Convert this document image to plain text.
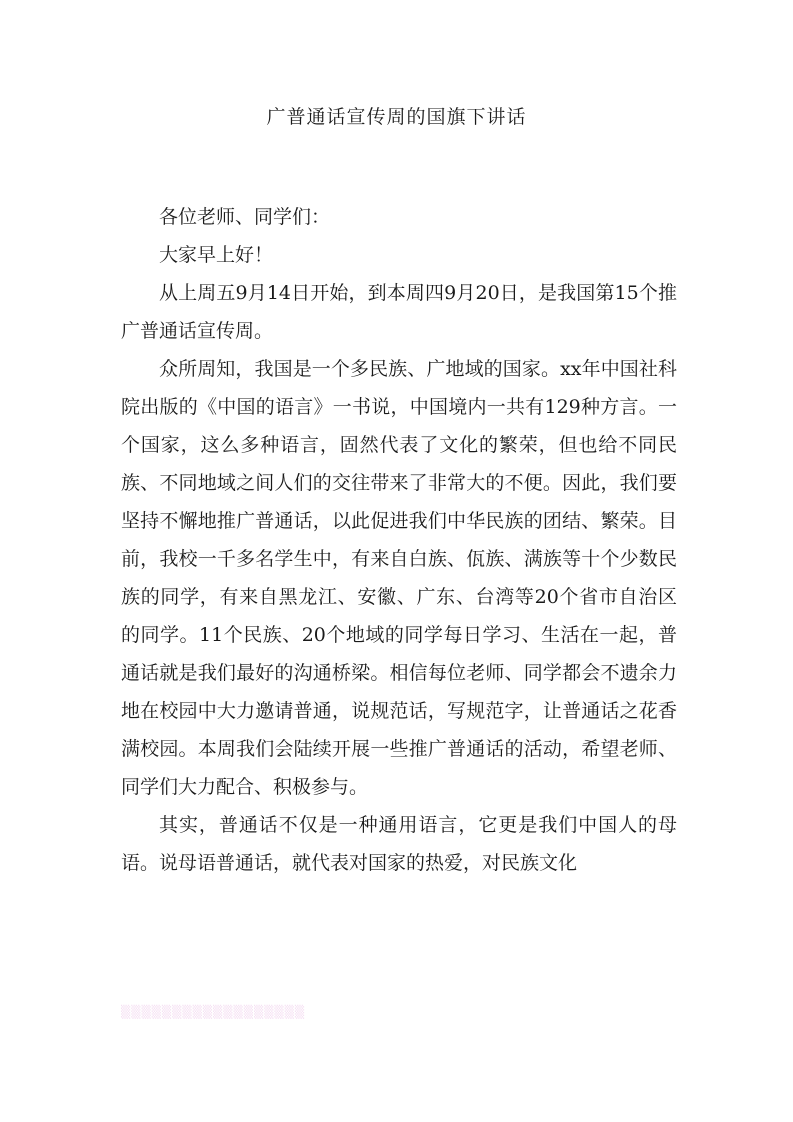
广普通话宣传周的国旗下讲话

各位老师、同学们：

大家早上好！

从上周五9月14日开始，到本周四9月20日，是我国第15个推广普通话宣传周。

众所周知，我国是一个多民族、广地域的国家。xx年中国社科院出版的《中国的语言》一书说，中国境内一共有129种方言。一个国家，这么多种语言，固然代表了文化的繁荣，但也给不同民族、不同地域之间人们的交往带来了非常大的不便。因此，我们要坚持不懈地推广普通话，以此促进我们中华民族的团结、繁荣。目前，我校一千多名学生中，有来自白族、佤族、满族等十个少数民族的同学，有来自黑龙江、安徽、广东、台湾等20个省市自治区的同学。11个民族、20个地域的同学每日学习、生活在一起，普通话就是我们最好的沟通桥梁。相信每位老师、同学都会不遗余力地在校园中大力邀请普通，说规范话，写规范字，让普通话之花香满校园。本周我们会陆续开展一些推广普通话的活动，希望老师、同学们大力配合、积极参与。

其实，普通话不仅是一种通用语言，它更是我们中国人的母语。说母语普通话，就代表对国家的热爱，对民族文化

▒▒▒▒▒▒▒▒▒▒▒▒▒▒▒▒▒▒
